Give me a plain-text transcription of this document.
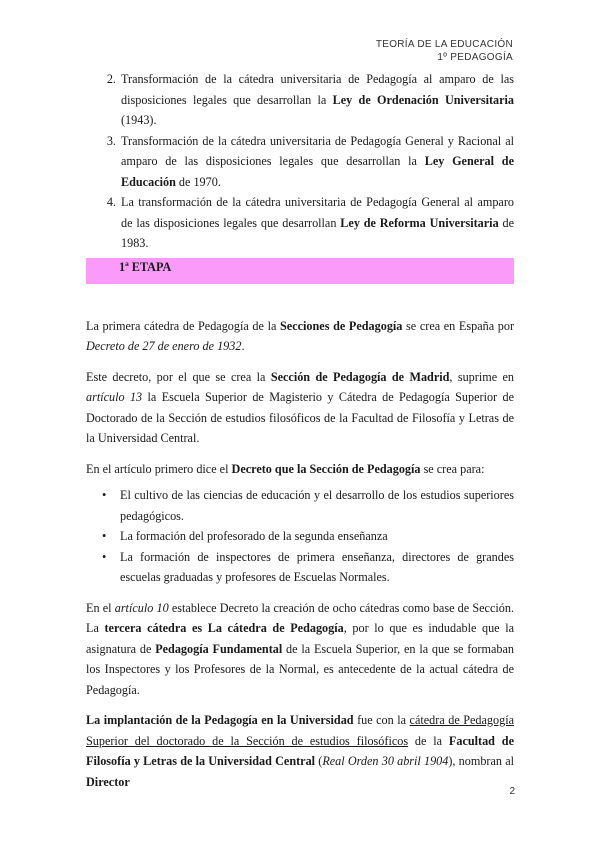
TEORÍA DE LA EDUCACIÓN
1º PEDAGOGÍA
2. Transformación de la cátedra universitaria de Pedagogía al amparo de las disposiciones legales que desarrollan la Ley de Ordenación Universitaria (1943).
3. Transformación de la cátedra universitaria de Pedagogía General y Racional al amparo de las disposiciones legales que desarrollan la Ley General de Educación de 1970.
4. La transformación de la cátedra universitaria de Pedagogía General al amparo de las disposiciones legales que desarrollan Ley de Reforma Universitaria de 1983.
1ª ETAPA

La primera cátedra de Pedagogía de la Secciones de Pedagogía se crea en España por Decreto de 27 de enero de 1932.

Este decreto, por el que se crea la Sección de Pedagogía de Madrid, suprime en artículo 13 la Escuela Superior de Magisterio y Cátedra de Pedagogía Superior de Doctorado de la Sección de estudios filosóficos de la Facultad de Filosofía y Letras de la Universidad Central.

En el artículo primero dice el Decreto que la Sección de Pedagogía se crea para:

• El cultivo de las ciencias de educación y el desarrollo de los estudios superiores pedagógicos.
• La formación del profesorado de la segunda enseñanza
• La formación de inspectores de primera enseñanza, directores de grandes escuelas graduadas y profesores de Escuelas Normales.

En el artículo 10 establece Decreto la creación de ocho cátedras como base de Sección. La tercera cátedra es La cátedra de Pedagogía, por lo que es indudable que la asignatura de Pedagogía Fundamental de la Escuela Superior, en la que se formaban los Inspectores y los Profesores de la Normal, es antecedente de la actual cátedra de Pedagogía.

La implantación de la Pedagogía en la Universidad fue con la cátedra de Pedagogía Superior del doctorado de la Sección de estudios filosóficos de la Facultad de Filosofía y Letras de la Universidad Central (Real Orden 30 abril 1904), nombran al Director

2
